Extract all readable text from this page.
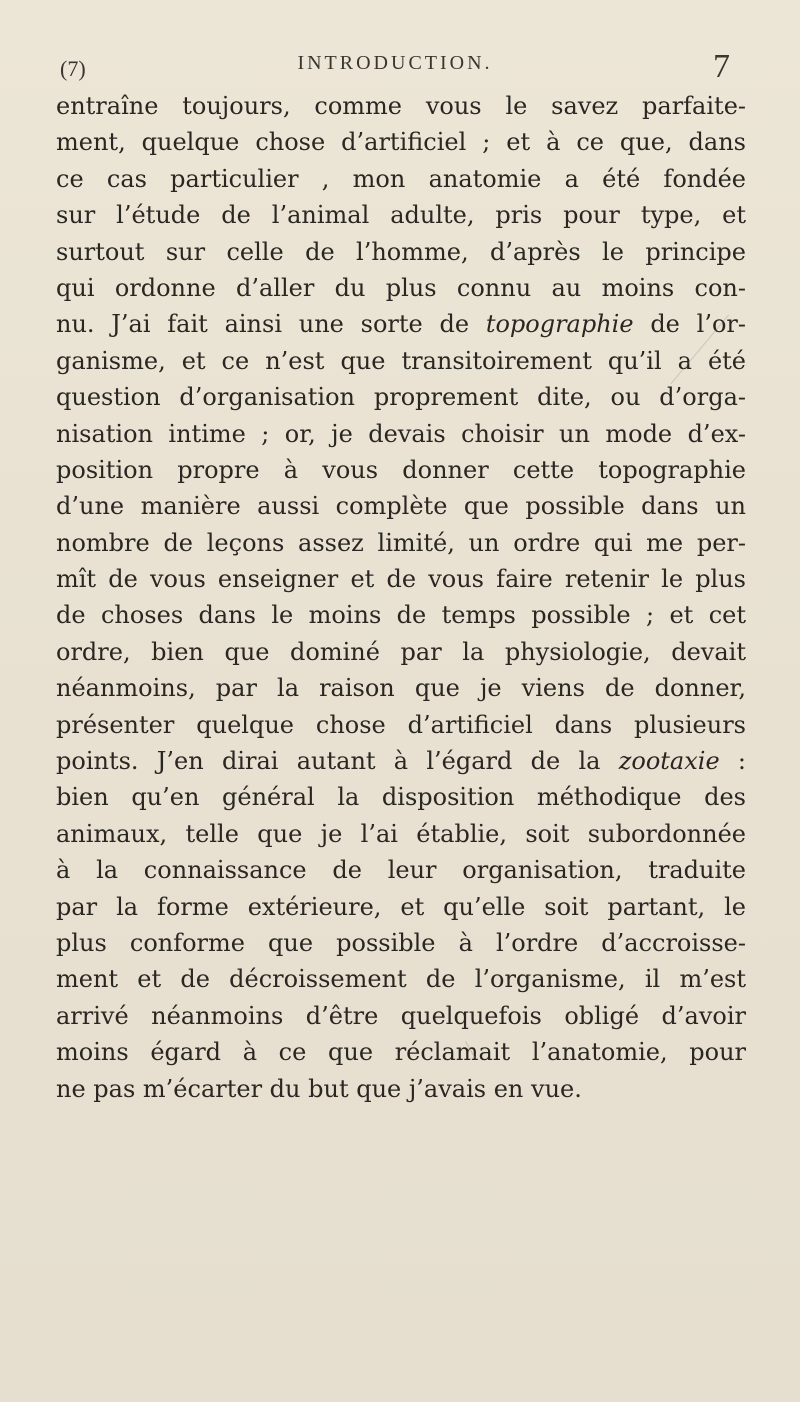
(7)	INTRODUCTION.	7
entraîne toujours, comme vous le savez parfaite-
ment, quelque chose d’artificiel ; et à ce que, dans
ce cas particulier , mon anatomie a été fondée
sur l’étude de l’animal adulte, pris pour type, et
surtout sur celle de l’homme, d’après le principe
qui ordonne d’aller du plus connu au moins con-
nu. J’ai fait ainsi une sorte de topographie de l’or-
ganisme, et ce n’est que transitoirement qu’il a été
question d’organisation proprement dite, ou d’orga-
nisation intime ; or, je devais choisir un mode d’ex-
position propre à vous donner cette topographie
d’une manière aussi complète que possible dans un
nombre de leçons assez limité, un ordre qui me per-
mît de vous enseigner et de vous faire retenir le plus
de choses dans le moins de temps possible ; et cet
ordre, bien que dominé par la physiologie, devait
néanmoins, par la raison que je viens de donner,
présenter quelque chose d’artificiel dans plusieurs
points. J’en dirai autant à l’égard de la zootaxie :
bien qu’en général la disposition méthodique des
animaux, telle que je l’ai établie, soit subordonnée
à la connaissance de leur organisation, traduite
par la forme extérieure, et qu’elle soit partant, le
plus conforme que possible à l’ordre d’accroisse-
ment et de décroissement de l’organisme, il m’est
arrivé néanmoins d’être quelquefois obligé d’avoir
moins égard à ce que réclamait l’anatomie, pour
ne pas m’écarter du but que j’avais en vue.
